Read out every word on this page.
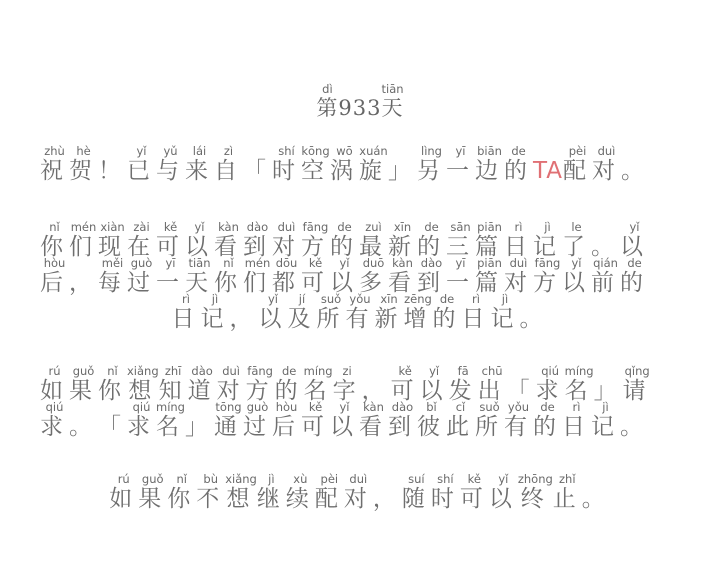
第dì933 天tiān
祝zhù贺hè！ 已yǐ与yǔ来lái自zì「 时shí空kōng涡wō旋xuán」 另lìng一yī边biān的deTA 配pèi对duì。
你nǐ们mén现xiàn在zài可kě以yǐ看kàn到dào对duì方fāng的de最zuì新xīn的de三sān篇piān日rì记jì了le。 以yǐ
后hòu， 每měi过guò一yī天tiān你nǐ们mén都dōu可kě以yǐ多duō看kàn到dào一yī篇piān对duì方fāng以yǐ前qián的de
日rì记jì， 以yǐ及jí所suǒ有yǒu新xīn增zēng的de日rì记jì。
如rú果guǒ你nǐ想xiǎng知zhī道dào对duì方fāng的de名míng字zi， 可kě以yǐ发fā出chū「 求qiú名míng」 请qǐng
求qiú。 「 求qiú名míng」 通tōng过guò后hòu可kě以yǐ看kàn到dào彼bǐ此cǐ所suǒ有yǒu的de日rì记jì。
如rú果guǒ你nǐ不bù想xiǎng继jì续xù配pèi对duì， 随suí时shí可kě以yǐ终zhōng止zhǐ。
